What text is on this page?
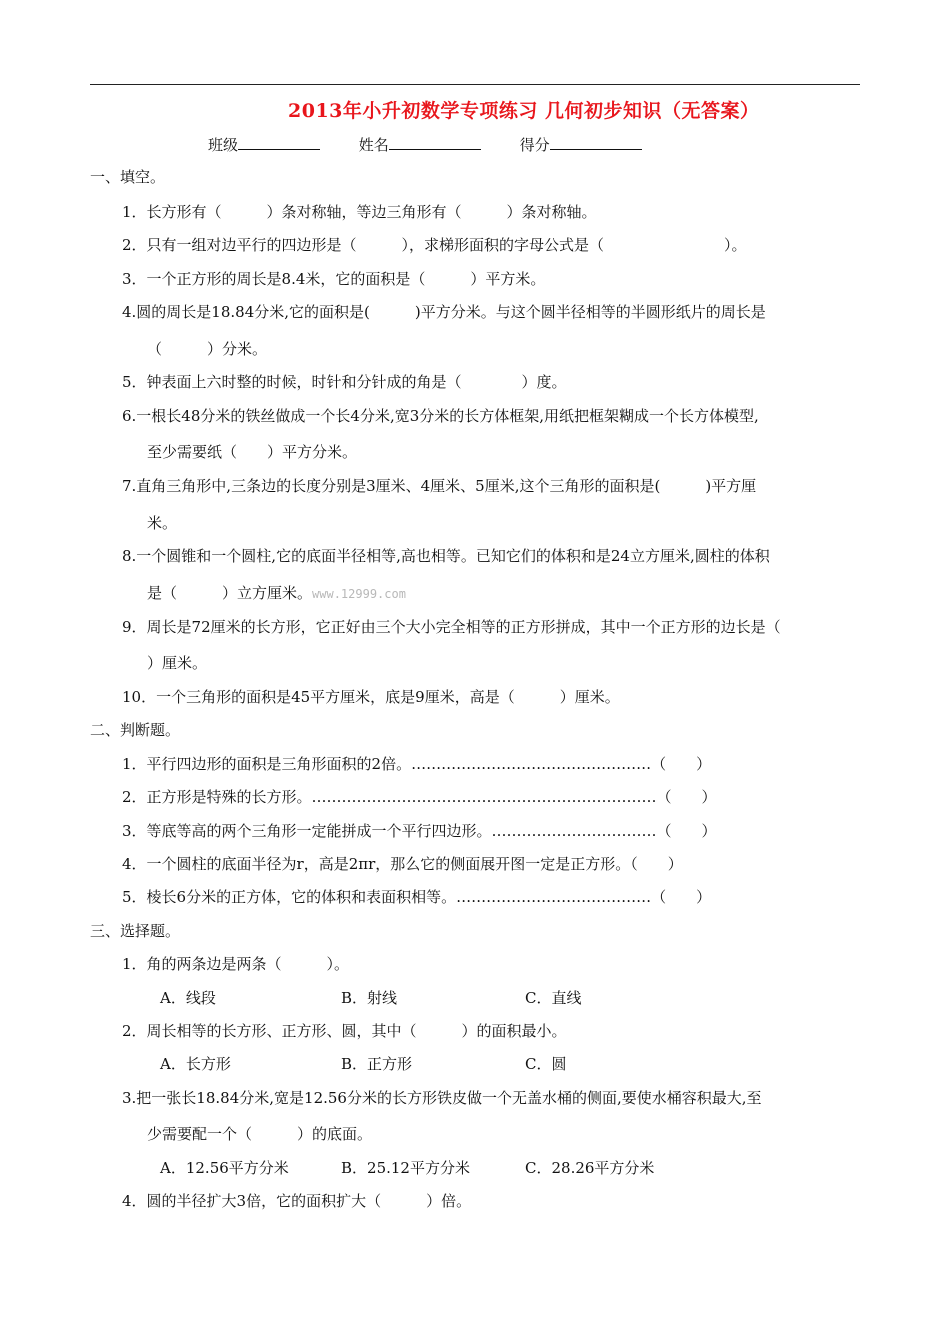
2013年小升初数学专项练习 几何初步知识（无答案）
班级	姓名	得分
一、填空。
1．长方形有（　　　）条对称轴，等边三角形有（　　　）条对称轴。
2．只有一组对边平行的四边形是（　　　），求梯形面积的字母公式是（　　　　　　　　）。
3．一个正方形的周长是8.4米，它的面积是（　　　）平方米。
4.圆的周长是18.84分米,它的面积是(　　　)平方分米。与这个圆半径相等的半圆形纸片的周长是
（　　　）分米。
5．钟表面上六时整的时候，时针和分针成的角是（　　　　）度。
6.一根长48分米的铁丝做成一个长4分米,宽3分米的长方体框架,用纸把框架糊成一个长方体模型,
至少需要纸（　　）平方分米。
7.直角三角形中,三条边的长度分别是3厘米、4厘米、5厘米,这个三角形的面积是(　　　)平方厘
米。
8.一个圆锥和一个圆柱,它的底面半径相等,高也相等。已知它们的体积和是24立方厘米,圆柱的体积
是（　　　）立方厘米。www.12999.com
9．周长是72厘米的长方形，它正好由三个大小完全相等的正方形拼成，其中一个正方形的边长是（
）厘米。
10．一个三角形的面积是45平方厘米，底是9厘米，高是（　　　）厘米。
二、判断题。
1．平行四边形的面积是三角形面积的2倍。…………………………………………（　　）
2．正方形是特殊的长方形。……………………………………………………………（　　）
3．等底等高的两个三角形一定能拼成一个平行四边形。……………………………（　　）
4．一个圆柱的底面半径为r，高是2πr，那么它的侧面展开图一定是正方形。（　　）
5．棱长6分米的正方体，它的体积和表面积相等。…………………………………（　　）
三、选择题。
1．角的两条边是两条（　　　）。
A．线段	B．射线	C．直线
2．周长相等的长方形、正方形、圆，其中（　　　）的面积最小。
A．长方形	B．正方形	C．圆
3.把一张长18.84分米,宽是12.56分米的长方形铁皮做一个无盖水桶的侧面,要使水桶容积最大,至
少需要配一个（　　　）的底面。
A．12.56平方分米	B．25.12平方分米	C．28.26平方分米
4．圆的半径扩大3倍，它的面积扩大（　　　）倍。
